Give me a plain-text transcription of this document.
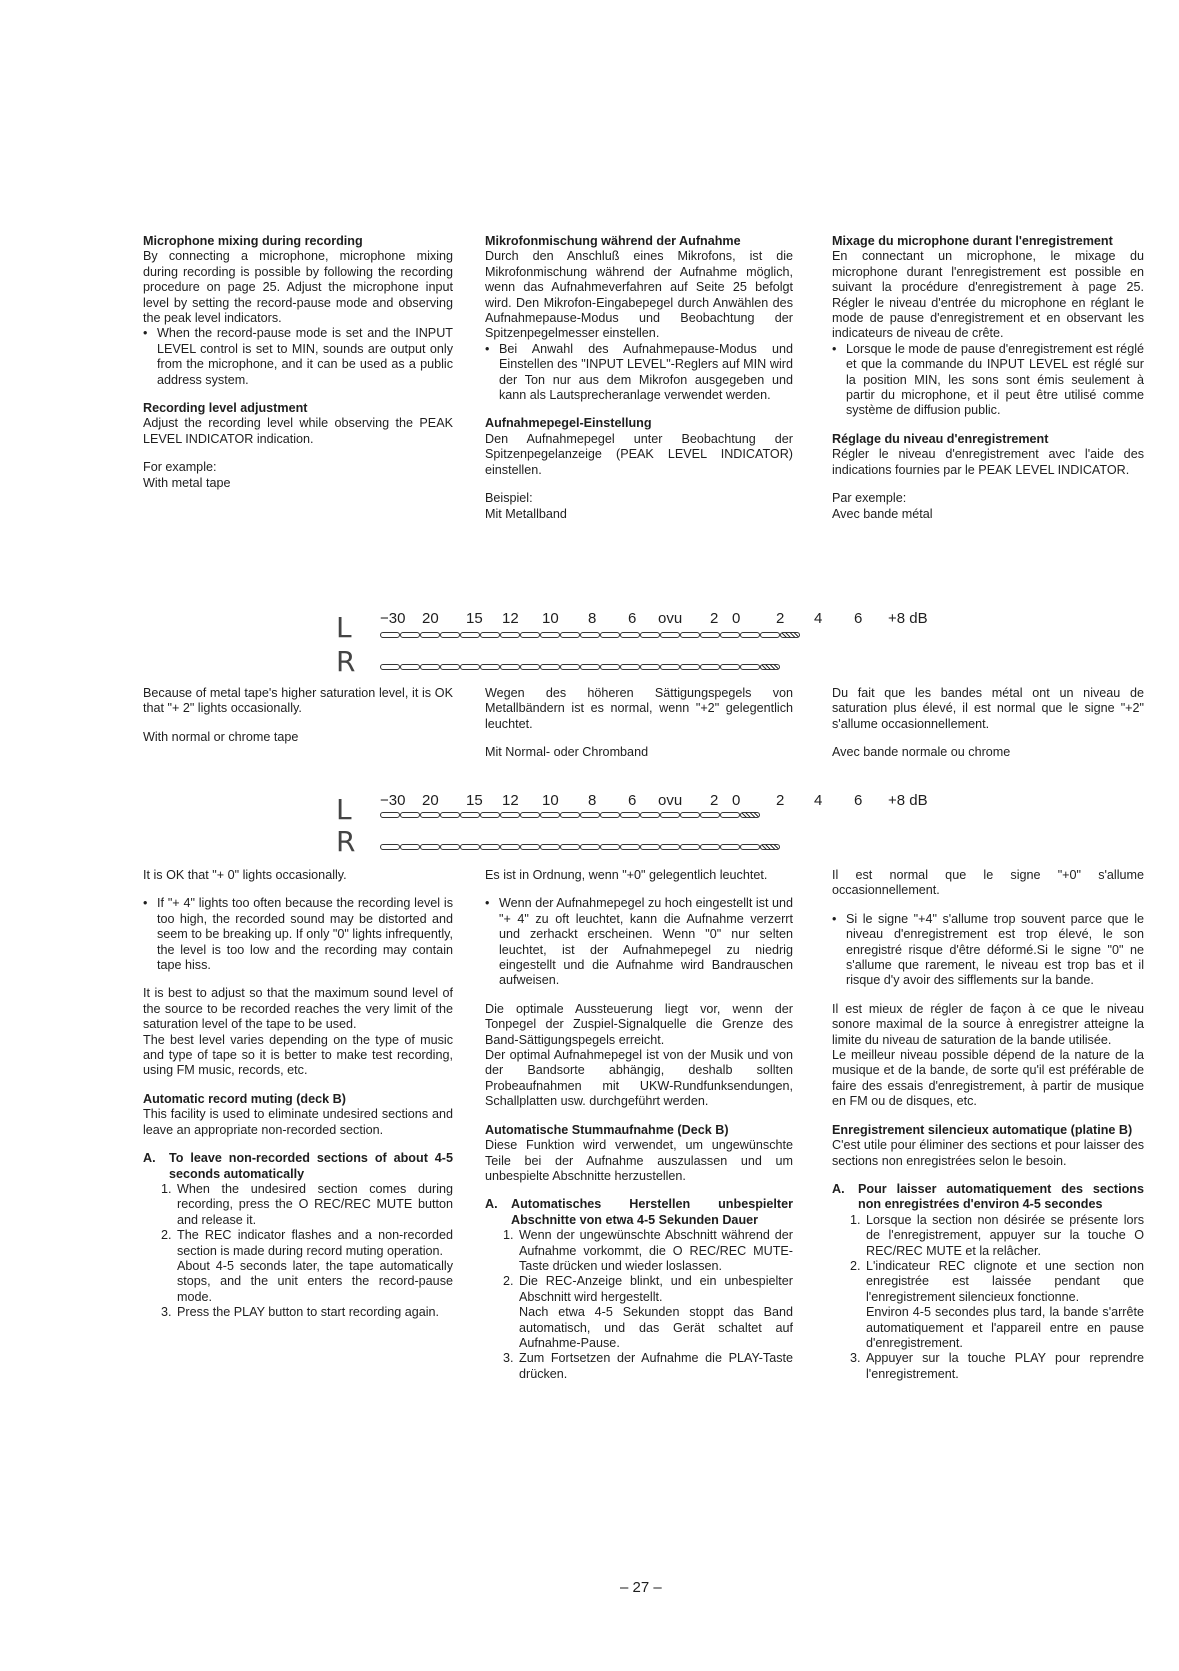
Microphone mixing during recording

By connecting a microphone, microphone mixing during recording is possible by following the recording procedure on page 25. Adjust the microphone input level by setting the record-pause mode and observing the peak level indicators.

• When the record-pause mode is set and the INPUT LEVEL control is set to MIN, sounds are output only from the microphone, and it can be used as a public address system.

Recording level adjustment

Adjust the recording level while observing the PEAK LEVEL INDICATOR indication.

For example:

With metal tape

Mikrofonmischung während der Aufnahme

Durch den Anschluß eines Mikrofons, ist die Mikrofonmischung während der Aufnahme möglich, wenn das Aufnahmeverfahren auf Seite 25 befolgt wird. Den Mikrofon-Eingabepegel durch Anwählen des Aufnahmepause-Modus und Beobachtung der Spitzenpegelmesser einstellen.

• Bei Anwahl des Aufnahmepause-Modus und Einstellen des "INPUT LEVEL"-Reglers auf MIN wird der Ton nur aus dem Mikrofon ausgegeben und kann als Lautsprecheranlage verwendet werden.

Aufnahmepegel-Einstellung

Den Aufnahmepegel unter Beobachtung der Spitzenpegelanzeige (PEAK LEVEL INDICATOR) einstellen.

Beispiel:

Mit Metallband

Mixage du microphone durant l'enregistrement

En connectant un microphone, le mixage du microphone durant l'enregistrement est possible en suivant la procédure d'enregistrement à page 25. Régler le niveau d'entrée du microphone en réglant le mode de pause d'enregistrement et en observant les indicateurs de niveau de crête.

• Lorsque le mode de pause d'enregistrement est réglé et que la commande du INPUT LEVEL est réglé sur la position MIN, les sons sont émis seulement à partir du microphone, et il peut être utilisé comme système de diffusion public.

Réglage du niveau d'enregistrement

Régler le niveau d'enregistrement avec l'aide des indications fournies par le PEAK LEVEL INDICATOR.

Par exemple:

Avec bande métal

L
R
−30 20 15 12 10 8 6 ovu 2 0 2 4 6 +8 dB

Because of metal tape's higher saturation level, it is OK that "+ 2" lights occasionally.

With normal or chrome tape

Wegen des höheren Sättigungspegels von Metallbändern ist es normal, wenn "+2" gelegentlich leuchtet.

Mit Normal- oder Chromband

Du fait que les bandes métal ont un niveau de saturation plus élevé, il est normal que le signe "+2" s'allume occasionnellement.

Avec bande normale ou chrome

L
R
−30 20 15 12 10 8 6 ovu 2 0 2 4 6 +8 dB

It is OK that "+ 0" lights occasionally.

• If "+ 4" lights too often because the recording level is too high, the recorded sound may be distorted and seem to be breaking up. If only "0" lights infrequently, the level is too low and the recording may contain tape hiss.

It is best to adjust so that the maximum sound level of the source to be recorded reaches the very limit of the saturation level of the tape to be used.

The best level varies depending on the type of music and type of tape so it is better to make test recording, using FM music, records, etc.

Automatic record muting (deck B)

This facility is used to eliminate undesired sections and leave an appropriate non-recorded section.

A. To leave non-recorded sections of about 4-5 seconds automatically
1. When the undesired section comes during recording, press the O REC/REC MUTE button and release it.
2. The REC indicator flashes and a non-recorded section is made during record muting operation.
About 4-5 seconds later, the tape automatically stops, and the unit enters the record-pause mode.
3. Press the PLAY button to start recording again.

Es ist in Ordnung, wenn "+0" gelegentlich leuchtet.

• Wenn der Aufnahmepegel zu hoch eingestellt ist und "+ 4" zu oft leuchtet, kann die Aufnahme verzerrt und zerhackt erscheinen. Wenn "0" nur selten leuchtet, ist der Aufnahmepegel zu niedrig eingestellt und die Aufnahme wird Bandrauschen aufweisen.

Die optimale Aussteuerung liegt vor, wenn der Tonpegel der Zuspiel-Signalquelle die Grenze des Band-Sättigungspegels erreicht.

Der optimal Aufnahmepegel ist von der Musik und von der Bandsorte abhängig, deshalb sollten Probeaufnahmen mit UKW-Rundfunksendungen, Schallplatten usw. durchgeführt werden.

Automatische Stummaufnahme (Deck B)

Diese Funktion wird verwendet, um ungewünschte Teile bei der Aufnahme auszulassen und um unbespielte Abschnitte herzustellen.

A. Automatisches Herstellen unbespielter Abschnitte von etwa 4-5 Sekunden Dauer
1. Wenn der ungewünschte Abschnitt während der Aufnahme vorkommt, die O REC/REC MUTE-Taste drücken und wieder loslassen.
2. Die REC-Anzeige blinkt, und ein unbespielter Abschnitt wird hergestellt.
Nach etwa 4-5 Sekunden stoppt das Band automatisch, und das Gerät schaltet auf Aufnahme-Pause.
3. Zum Fortsetzen der Aufnahme die PLAY-Taste drücken.

Il est normal que le signe "+0" s'allume occasionnellement.

• Si le signe "+4" s'allume trop souvent parce que le niveau d'enregistrement est trop élevé, le son enregistré risque d'être déformé.Si le signe "0" ne s'allume que rarement, le niveau est trop bas et il risque d'y avoir des sifflements sur la bande.

Il est mieux de régler de façon à ce que le niveau sonore maximal de la source à enregistrer atteigne la limite du niveau de saturation de la bande utilisée.

Le meilleur niveau possible dépend de la nature de la musique et de la bande, de sorte qu'il est préférable de faire des essais d'enregistrement, à partir de musique en FM ou de disques, etc.

Enregistrement silencieux automatique (platine B)

C'est utile pour éliminer des sections et pour laisser des sections non enregistrées selon le besoin.

A. Pour laisser automatiquement des sections non enregistrées d'environ 4-5 secondes
1. Lorsque la section non désirée se présente lors de l'enregistrement, appuyer sur la touche O REC/REC MUTE et la relâcher.
2. L'indicateur REC clignote et une section non enregistrée est laissée pendant que l'enregistrement silencieux fonctionne.
Environ 4-5 secondes plus tard, la bande s'arrête automatiquement et l'appareil entre en pause d'enregistrement.
3. Appuyer sur la touche PLAY pour reprendre l'enregistrement.
– 27 –
